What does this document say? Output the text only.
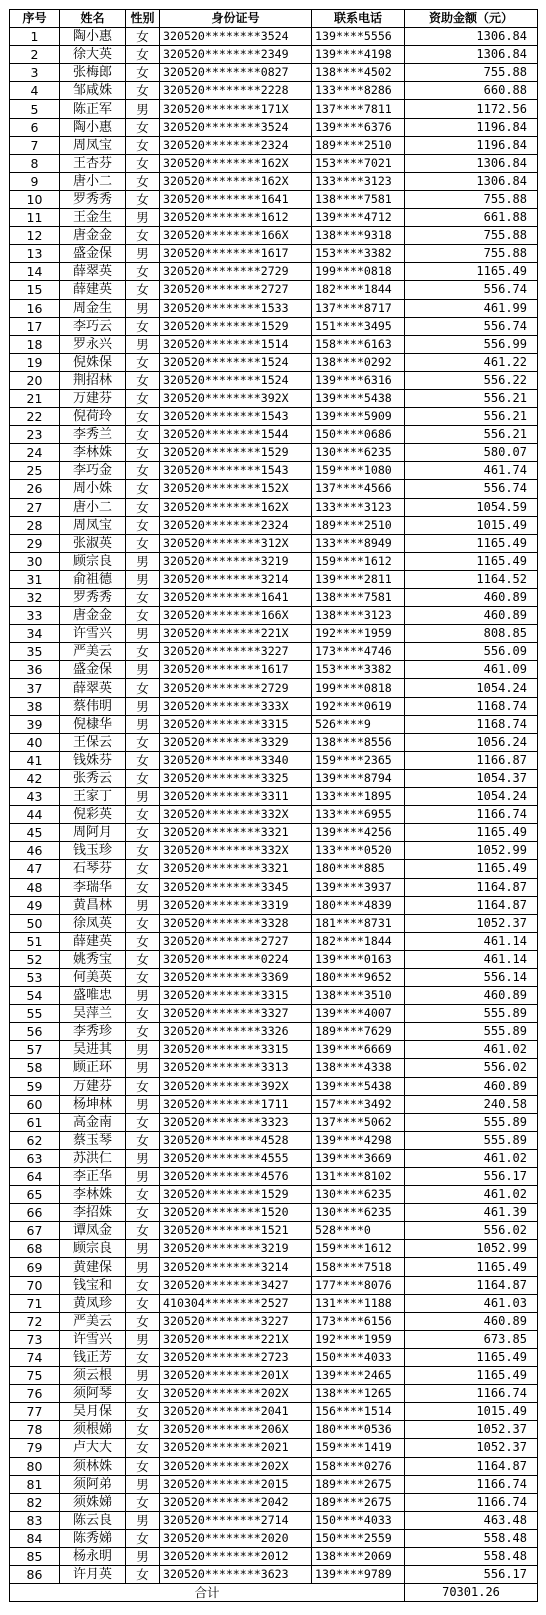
序号	姓名	性别	身份证号	联系电话	资助金额（元）
1	陶小惠	女	320520********3524	139****5556	1306.84
2	徐大英	女	320520********2349	139****4198	1306.84
3	张梅郎	女	320520********0827	138****4502	755.88
4	邹咸姝	女	320520********2228	133****8286	660.88
5	陈正军	男	320520********171X	137****7811	1172.56
6	陶小惠	女	320520********3524	139****6376	1196.84
7	周凤宝	女	320520********2324	189****2510	1196.84
8	王杏芬	女	320520********162X	153****7021	1306.84
9	唐小二	女	320520********162X	133****3123	1306.84
10	罗秀秀	女	320520********1641	138****7581	755.88
11	王金生	男	320520********1612	139****4712	661.88
12	唐金金	女	320520********166X	138****9318	755.88
13	盛金保	男	320520********1617	153****3382	755.88
14	薛翠英	女	320520********2729	199****0818	1165.49
15	薛建英	女	320520********2727	182****1844	556.74
16	周金生	男	320520********1533	137****8717	461.99
17	李巧云	女	320520********1529	151****3495	556.74
18	罗永兴	男	320520********1514	158****6163	556.99
19	倪姝保	女	320520********1524	138****0292	461.22
20	荆招林	女	320520********1524	139****6316	556.22
21	万建芬	女	320520********392X	139****5438	556.21
22	倪荷玲	女	320520********1543	139****5909	556.21
23	李秀兰	女	320520********1544	150****0686	556.21
24	李林姝	女	320520********1529	130****6235	580.07
25	李巧金	女	320520********1543	159****1080	461.74
26	周小姝	女	320520********152X	137****4566	556.74
27	唐小二	女	320520********162X	133****3123	1054.59
28	周凤宝	女	320520********2324	189****2510	1015.49
29	张淑英	女	320520********312X	133****8949	1165.49
30	顾宗良	男	320520********3219	159****1612	1165.49
31	俞祖德	男	320520********3214	139****2811	1164.52
32	罗秀秀	女	320520********1641	138****7581	460.89
33	唐金金	女	320520********166X	138****3123	460.89
34	许雪兴	男	320520********221X	192****1959	808.85
35	严美云	女	320520********3227	173****4746	556.09
36	盛金保	男	320520********1617	153****3382	461.09
37	薛翠英	女	320520********2729	199****0818	1054.24
38	蔡伟明	男	320520********333X	192****0619	1168.74
39	倪棣华	男	320520********3315	526****9	1168.74
40	王保云	女	320520********3329	138****8556	1056.24
41	钱姝芬	女	320520********3340	159****2365	1166.87
42	张秀云	女	320520********3325	139****8794	1054.37
43	王家丁	男	320520********3311	133****1895	1054.24
44	倪彩英	女	320520********332X	133****6955	1166.74
45	周阿月	女	320520********3321	139****4256	1165.49
46	钱玉珍	女	320520********332X	133****0520	1052.99
47	石琴芬	女	320520********3321	180****885	1165.49
48	李瑞华	女	320520********3345	139****3937	1164.87
49	黄昌林	男	320520********3319	180****4839	1164.87
50	徐凤英	女	320520********3328	181****8731	1052.37
51	薛建英	女	320520********2727	182****1844	461.14
52	姚秀宝	女	320520********0224	139****0163	461.14
53	何美英	女	320520********3369	180****9652	556.14
54	盛唯忠	男	320520********3315	138****3510	460.89
55	吴萍兰	女	320520********3327	139****4007	555.89
56	李秀珍	女	320520********3326	189****7629	555.89
57	吴进其	男	320520********3315	139****6669	461.02
58	顾正环	男	320520********3313	138****4338	556.02
59	万建芬	女	320520********392X	139****5438	460.89
60	杨坤林	男	320520********1711	157****3492	240.58
61	高金南	女	320520********3323	137****5062	555.89
62	蔡玉琴	女	320520********4528	139****4298	555.89
63	苏洪仁	男	320520********4555	139****3669	461.02
64	李正华	男	320520********4576	131****8102	556.17
65	李林姝	女	320520********1529	130****6235	461.02
66	李招姝	女	320520********1520	130****6235	461.39
67	谭凤金	女	320520********1521	528****0	556.02
68	顾宗良	男	320520********3219	159****1612	1052.99
69	黄建保	男	320520********3214	158****7518	1165.49
70	钱宝和	女	320520********3427	177****8076	1164.87
71	黄凤珍	女	410304********2527	131****1188	461.03
72	严美云	女	320520********3227	173****6156	460.89
73	许雪兴	男	320520********221X	192****1959	673.85
74	钱正芳	女	320520********2723	150****4033	1165.49
75	须云根	男	320520********201X	139****2465	1165.49
76	须阿琴	女	320520********202X	138****1265	1166.74
77	吴月保	女	320520********2041	156****1514	1015.49
78	须根娣	女	320520********206X	180****0536	1052.37
79	卢大大	女	320520********2021	159****1419	1052.37
80	须林姝	女	320520********202X	158****0276	1164.87
81	须阿弟	男	320520********2015	189****2675	1166.74
82	须姝娣	女	320520********2042	189****2675	1166.74
83	陈云良	男	320520********2714	150****4033	463.48
84	陈秀娣	女	320520********2020	150****2559	558.48
85	杨永明	男	320520********2012	138****2069	558.48
86	许月英	女	320520********3623	139****9789	556.17
合计					70301.26
